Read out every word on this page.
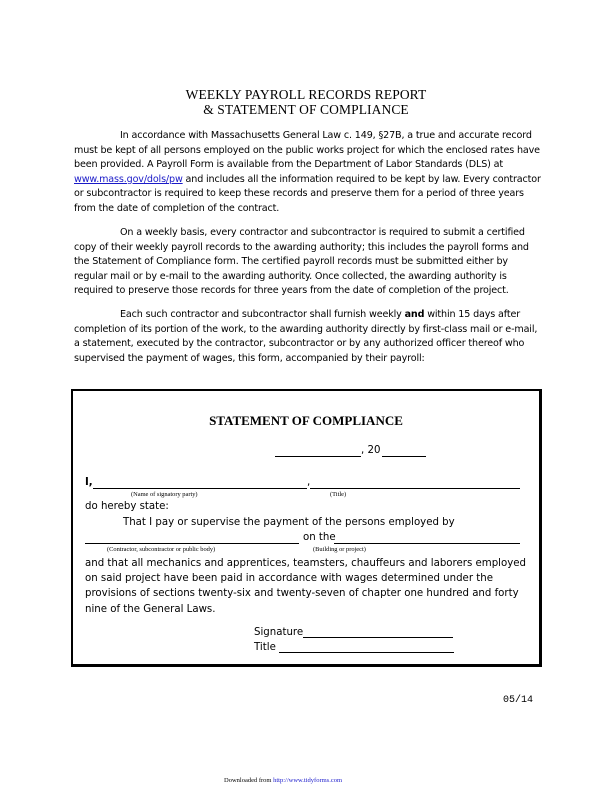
WEEKLY PAYROLL RECORDS REPORT
& STATEMENT OF COMPLIANCE

In accordance with Massachusetts General Law c. 149, §27B, a true and accurate record must be kept of all persons employed on the public works project for which the enclosed rates have been provided. A Payroll Form is available from the Department of Labor Standards (DLS) at www.mass.gov/dols/pw and includes all the information required to be kept by law. Every contractor or subcontractor is required to keep these records and preserve them for a period of three years from the date of completion of the contract.

On a weekly basis, every contractor and subcontractor is required to submit a certified copy of their weekly payroll records to the awarding authority; this includes the payroll forms and the Statement of Compliance form. The certified payroll records must be submitted either by regular mail or by e-mail to the awarding authority. Once collected, the awarding authority is required to preserve those records for three years from the date of completion of the project.

Each such contractor and subcontractor shall furnish weekly and within 15 days after completion of its portion of the work, to the awarding authority directly by first-class mail or e-mail, a statement, executed by the contractor, subcontractor or by any authorized officer thereof who supervised the payment of wages, this form, accompanied by their payroll:

STATEMENT OF COMPLIANCE
, 20
I,	,
(Name of signatory party)	(Title)
do hereby state:
That I pay or supervise the payment of the persons employed by
on the
(Contractor, subcontractor or public body)	(Building or project)
and that all mechanics and apprentices, teamsters, chauffeurs and laborers employed on said project have been paid in accordance with wages determined under the provisions of sections twenty-six and twenty-seven of chapter one hundred and forty nine of the General Laws.
Signature
Title
05/14
Downloaded from http://www.tidyforms.com
